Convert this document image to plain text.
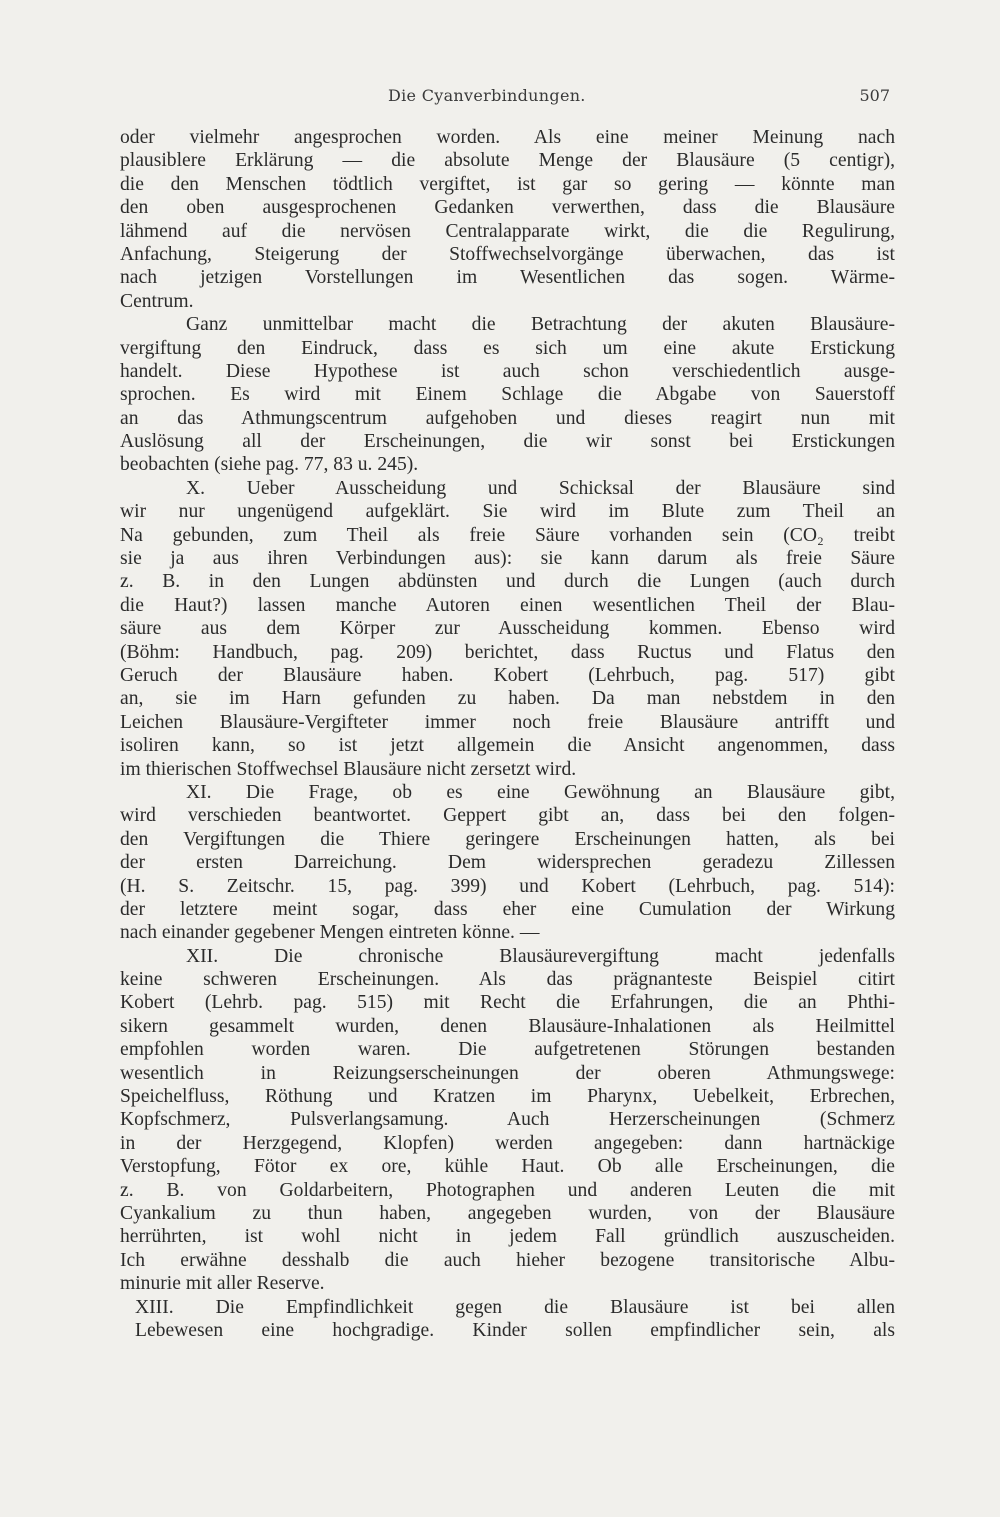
Die Cyanverbindungen.	507
oder vielmehr angesprochen worden. Als eine meiner Meinung nach
plausiblere Erklärung — die absolute Menge der Blausäure (5 centigr),
die den Menschen tödtlich vergiftet, ist gar so gering — könnte man
den oben ausgesprochenen Gedanken verwerthen, dass die Blausäure
lähmend auf die nervösen Centralapparate wirkt, die die Regulirung,
Anfachung, Steigerung der Stoffwechselvorgänge überwachen, das ist
nach jetzigen Vorstellungen im Wesentlichen das sogen. Wärme-
Centrum.
Ganz unmittelbar macht die Betrachtung der akuten Blausäure-
vergiftung den Eindruck, dass es sich um eine akute Erstickung
handelt. Diese Hypothese ist auch schon verschiedentlich ausge-
sprochen. Es wird mit Einem Schlage die Abgabe von Sauerstoff
an das Athmungscentrum aufgehoben und dieses reagirt nun mit
Auslösung all der Erscheinungen, die wir sonst bei Erstickungen
beobachten (siehe pag. 77, 83 u. 245).
X. Ueber Ausscheidung und Schicksal der Blausäure sind
wir nur ungenügend aufgeklärt. Sie wird im Blute zum Theil an
Na gebunden, zum Theil als freie Säure vorhanden sein (CO₂ treibt
sie ja aus ihren Verbindungen aus): sie kann darum als freie Säure
z. B. in den Lungen abdünsten und durch die Lungen (auch durch
die Haut?) lassen manche Autoren einen wesentlichen Theil der Blau-
säure aus dem Körper zur Ausscheidung kommen. Ebenso wird
(Böhm: Handbuch, pag. 209) berichtet, dass Ructus und Flatus den
Geruch der Blausäure haben. Kobert (Lehrbuch, pag. 517) gibt
an, sie im Harn gefunden zu haben. Da man nebstdem in den
Leichen Blausäure-Vergifteter immer noch freie Blausäure antrifft und
isoliren kann, so ist jetzt allgemein die Ansicht angenommen, dass
im thierischen Stoffwechsel Blausäure nicht zersetzt wird.
XI. Die Frage, ob es eine Gewöhnung an Blausäure gibt,
wird verschieden beantwortet. Geppert gibt an, dass bei den folgen-
den Vergiftungen die Thiere geringere Erscheinungen hatten, als bei
der ersten Darreichung. Dem widersprechen geradezu Zillessen
(H. S. Zeitschr. 15, pag. 399) und Kobert (Lehrbuch, pag. 514):
der letztere meint sogar, dass eher eine Cumulation der Wirkung
nach einander gegebener Mengen eintreten könne. —
XII. Die chronische Blausäurevergiftung macht jedenfalls
keine schweren Erscheinungen. Als das prägnanteste Beispiel citirt
Kobert (Lehrb. pag. 515) mit Recht die Erfahrungen, die an Phthi-
sikern gesammelt wurden, denen Blausäure-Inhalationen als Heilmittel
empfohlen worden waren. Die aufgetretenen Störungen bestanden
wesentlich in Reizungserscheinungen der oberen Athmungswege:
Speichelfluss, Röthung und Kratzen im Pharynx, Uebelkeit, Erbrechen,
Kopfschmerz, Pulsverlangsamung. Auch Herzerscheinungen (Schmerz
in der Herzgegend, Klopfen) werden angegeben: dann hartnäckige
Verstopfung, Fötor ex ore, kühle Haut. Ob alle Erscheinungen, die
z. B. von Goldarbeitern, Photographen und anderen Leuten die mit
Cyankalium zu thun haben, angegeben wurden, von der Blausäure
herrührten, ist wohl nicht in jedem Fall gründlich auszuscheiden.
Ich erwähne desshalb die auch hieher bezogene transitorische Albu-
minurie mit aller Reserve.
XIII. Die Empfindlichkeit gegen die Blausäure ist bei allen
Lebewesen eine hochgradige. Kinder sollen empfindlicher sein, als
